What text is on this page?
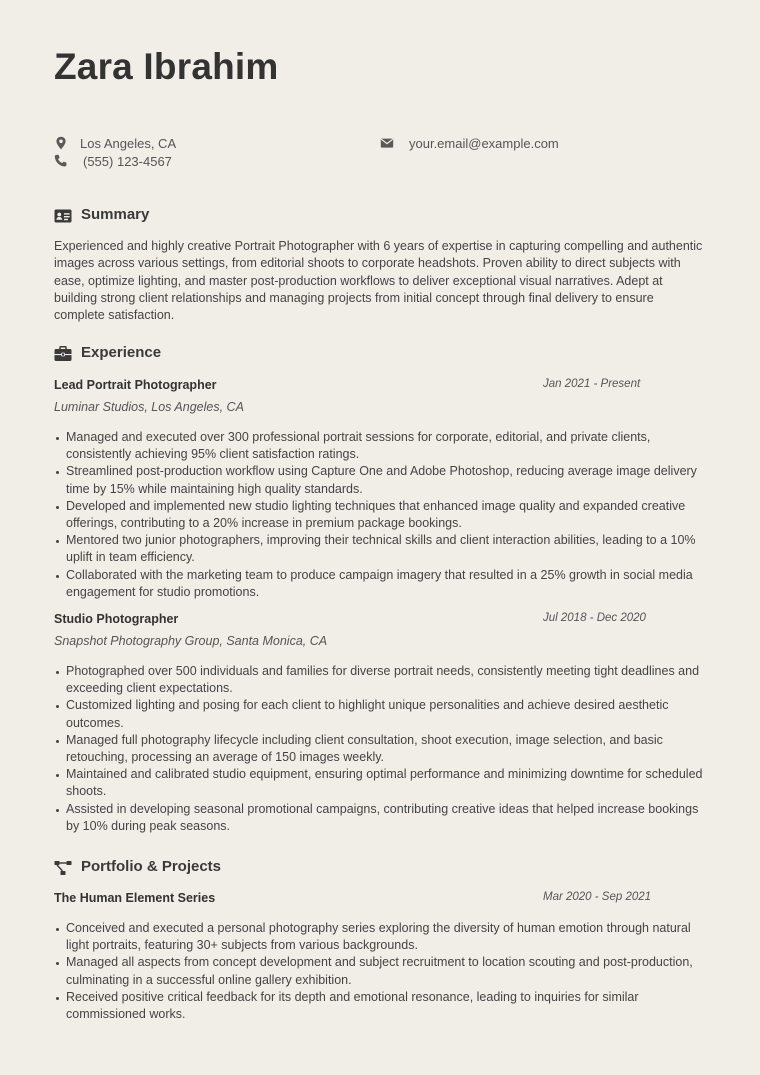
Zara Ibrahim
Los Angeles, CA
(555) 123-4567
your.email@example.com
Summary

Experienced and highly creative Portrait Photographer with 6 years of expertise in capturing compelling and authentic images across various settings, from editorial shoots to corporate headshots. Proven ability to direct subjects with ease, optimize lighting, and master post-production workflows to deliver exceptional visual narratives. Adept at building strong client relationships and managing projects from initial concept through final delivery to ensure complete satisfaction.

Experience
Lead Portrait Photographer	Jan 2021 - Present
Luminar Studios, Los Angeles, CA
Managed and executed over 300 professional portrait sessions for corporate, editorial, and private clients, consistently achieving 95% client satisfaction ratings.
Streamlined post-production workflow using Capture One and Adobe Photoshop, reducing average image delivery time by 15% while maintaining high quality standards.
Developed and implemented new studio lighting techniques that enhanced image quality and expanded creative offerings, contributing to a 20% increase in premium package bookings.
Mentored two junior photographers, improving their technical skills and client interaction abilities, leading to a 10% uplift in team efficiency.
Collaborated with the marketing team to produce campaign imagery that resulted in a 25% growth in social media engagement for studio promotions.
Studio Photographer	Jul 2018 - Dec 2020
Snapshot Photography Group, Santa Monica, CA
Photographed over 500 individuals and families for diverse portrait needs, consistently meeting tight deadlines and exceeding client expectations.
Customized lighting and posing for each client to highlight unique personalities and achieve desired aesthetic outcomes.
Managed full photography lifecycle including client consultation, shoot execution, image selection, and basic retouching, processing an average of 150 images weekly.
Maintained and calibrated studio equipment, ensuring optimal performance and minimizing downtime for scheduled shoots.
Assisted in developing seasonal promotional campaigns, contributing creative ideas that helped increase bookings by 10% during peak seasons.
Portfolio & Projects
The Human Element Series	Mar 2020 - Sep 2021
Conceived and executed a personal photography series exploring the diversity of human emotion through natural light portraits, featuring 30+ subjects from various backgrounds.
Managed all aspects from concept development and subject recruitment to location scouting and post-production, culminating in a successful online gallery exhibition.
Received positive critical feedback for its depth and emotional resonance, leading to inquiries for similar commissioned works.
